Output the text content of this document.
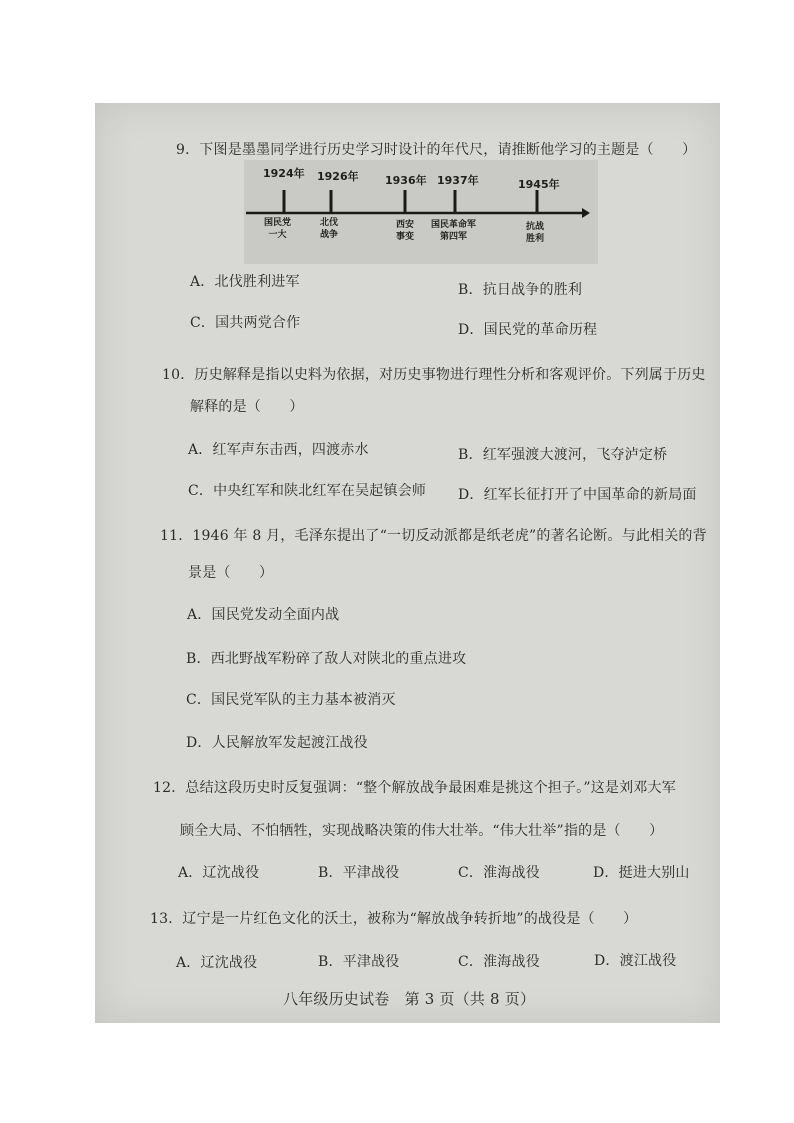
9．下图是墨墨同学进行历史学习时设计的年代尺，请推断他学习的主题是（　　）
1924年 1926年 1936年 1937年	1945年
国民党
一大
北伐
战争
西安
事变
国民革命军
第四军
抗战
胜利
A．北伐胜利进军	B．抗日战争的胜利
C．国共两党合作	D．国民党的革命历程
10．历史解释是指以史料为依据，对历史事物进行理性分析和客观评价。下列属于历史
解释的是（　　）
A．红军声东击西，四渡赤水	B．红军强渡大渡河，飞夺泸定桥
C．中央红军和陕北红军在吴起镇会师 D．红军长征打开了中国革命的新局面
11．1946 年 8 月，毛泽东提出了“一切反动派都是纸老虎”的著名论断。与此相关的背
景是（　　）
A．国民党发动全面内战
B．西北野战军粉碎了敌人对陕北的重点进攻
C．国民党军队的主力基本被消灭
D．人民解放军发起渡江战役
12．总结这段历史时反复强调：“整个解放战争最困难是挑这个担子。”这是刘邓大军
顾全大局、不怕牺牲，实现战略决策的伟大壮举。“伟大壮举”指的是（　　）
A．辽沈战役	B．平津战役	C．淮海战役	D．挺进大别山
13．辽宁是一片红色文化的沃土，被称为“解放战争转折地”的战役是（　　）
A．辽沈战役	B．平津战役	C．淮海战役	D．渡江战役
八年级历史试卷　第 3 页（共 8 页）
